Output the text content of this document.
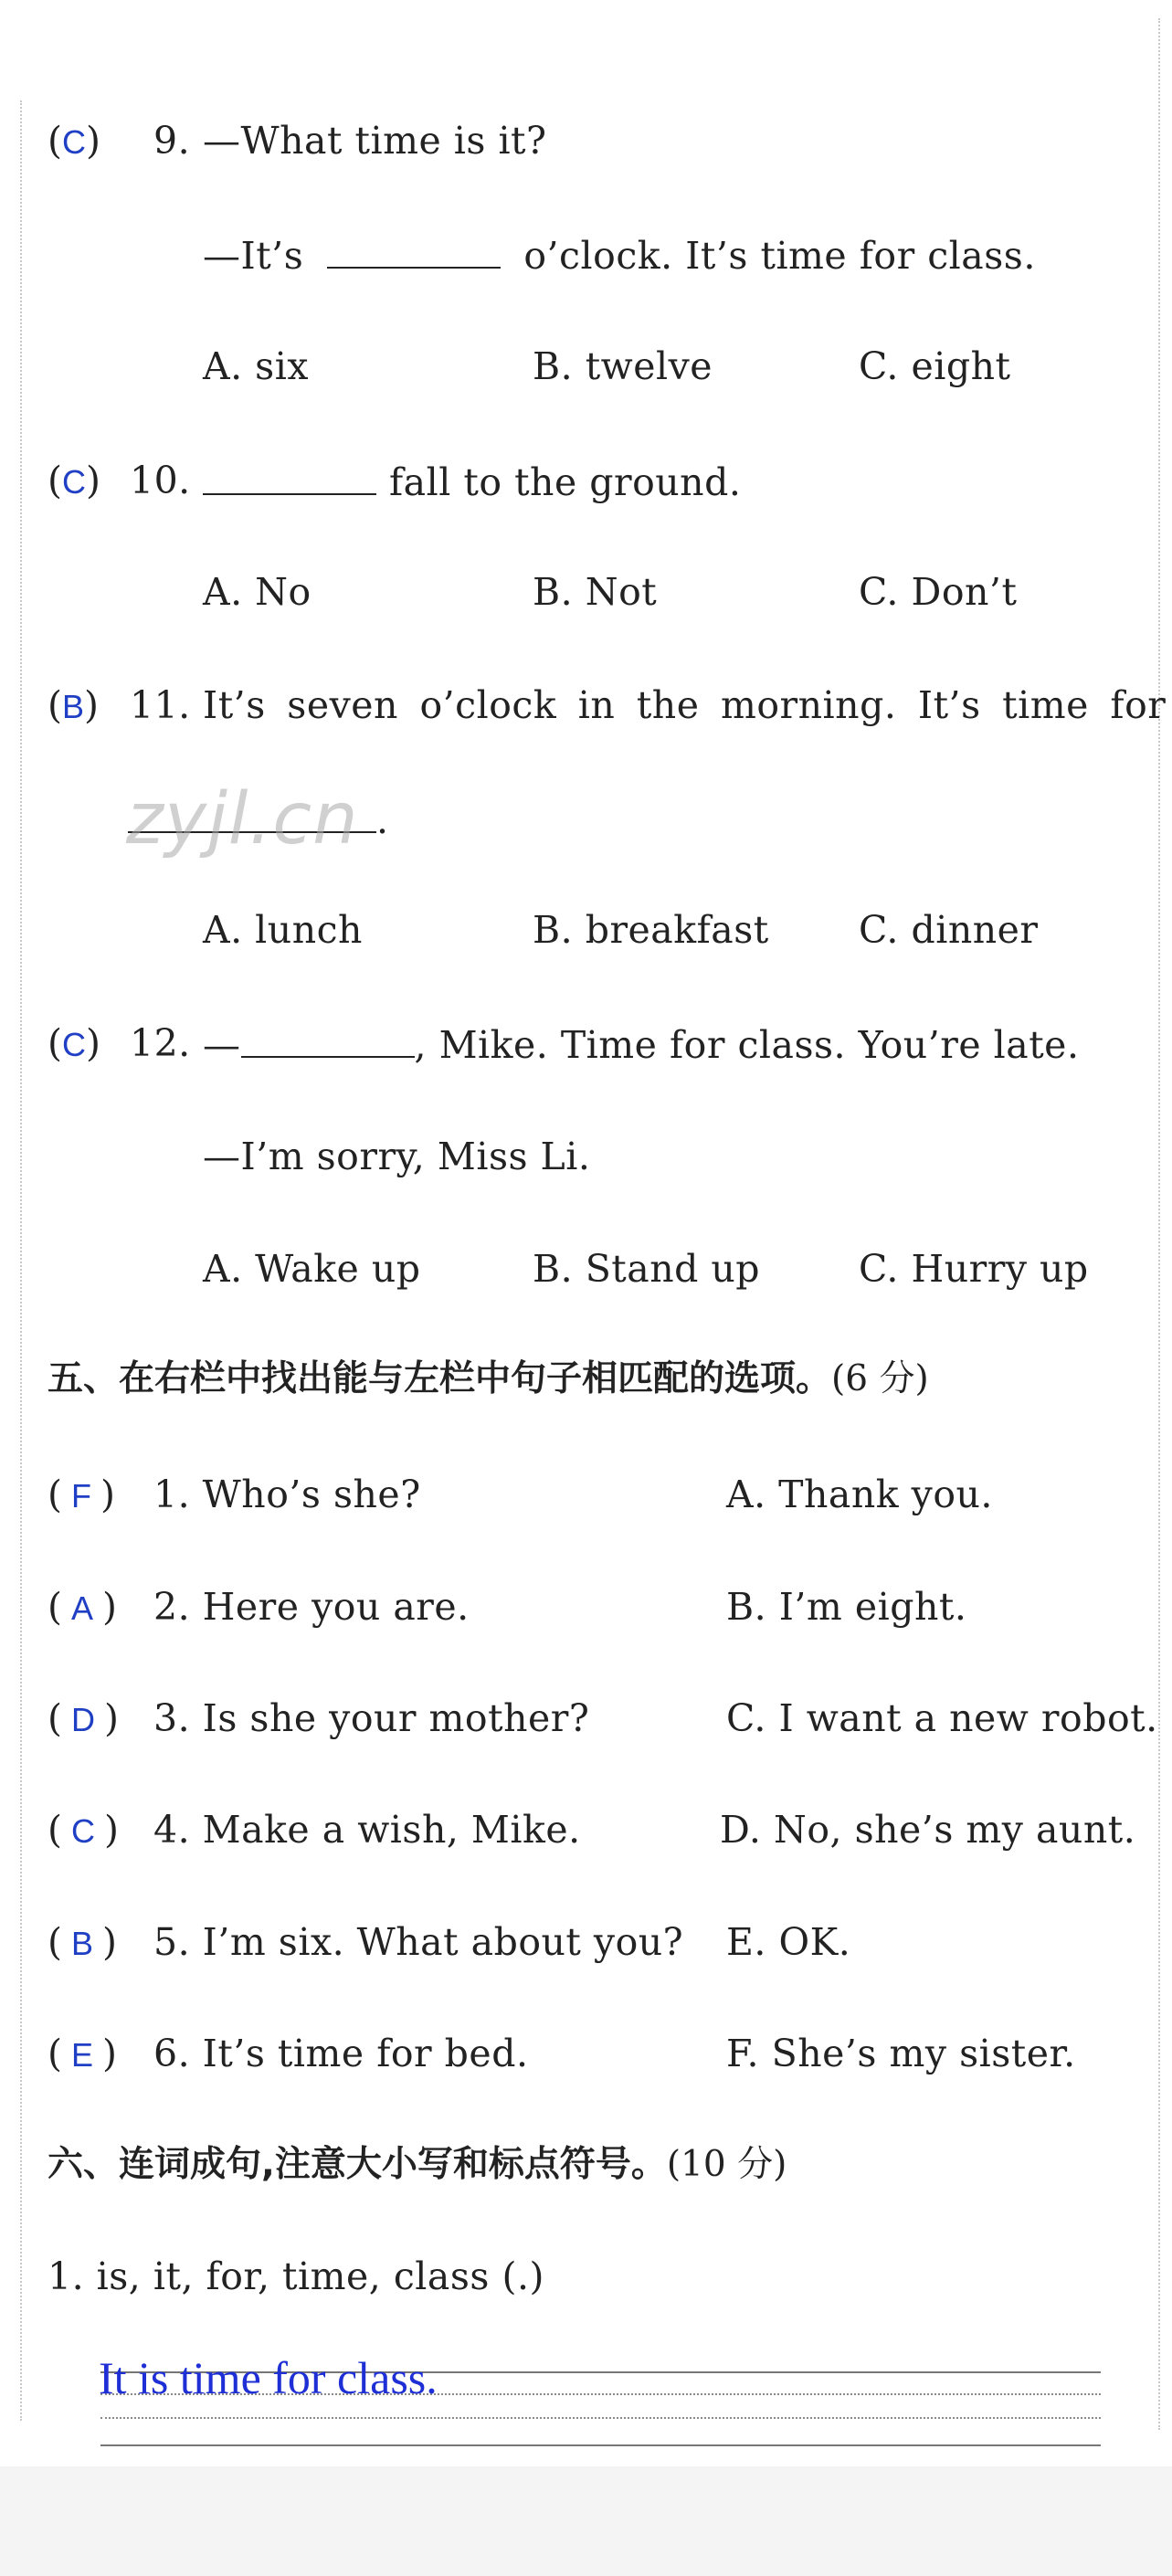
(C) 9. —What time is it?
—It’s	o’clock. It’s time for class.
A. six	B. twelve	C. eight
(C) 10.	fall to the ground.
A. No	B. Not	C. Don’t
(B) 11. It’s seven o’clock in the morning. It’s time for
.
zyjl.cn
A. lunch	B. breakfast C. dinner
(C) 12. —	, Mike. Time for class. You’re late.
—I’m sorry, Miss Li.
A. Wake up	B. Stand up	C. Hurry up
五、在右栏中找出能与左栏中句子相匹配的选项。(6 分)
( F ) 1. Who’s she?	A. Thank you.
( A ) 2. Here you are.	B. I’m eight.
( D ) 3. Is she your mother?	C. I want a new robot.
( C ) 4. Make a wish, Mike.	D. No, she’s my aunt.
( B ) 5. I’m six. What about you? E. OK.
( E ) 6. It’s time for bed.	F. She’s my sister.
六、连词成句,注意大小写和标点符号。(10 分)
1. is, it, for, time, class (.)
It is time for class.
